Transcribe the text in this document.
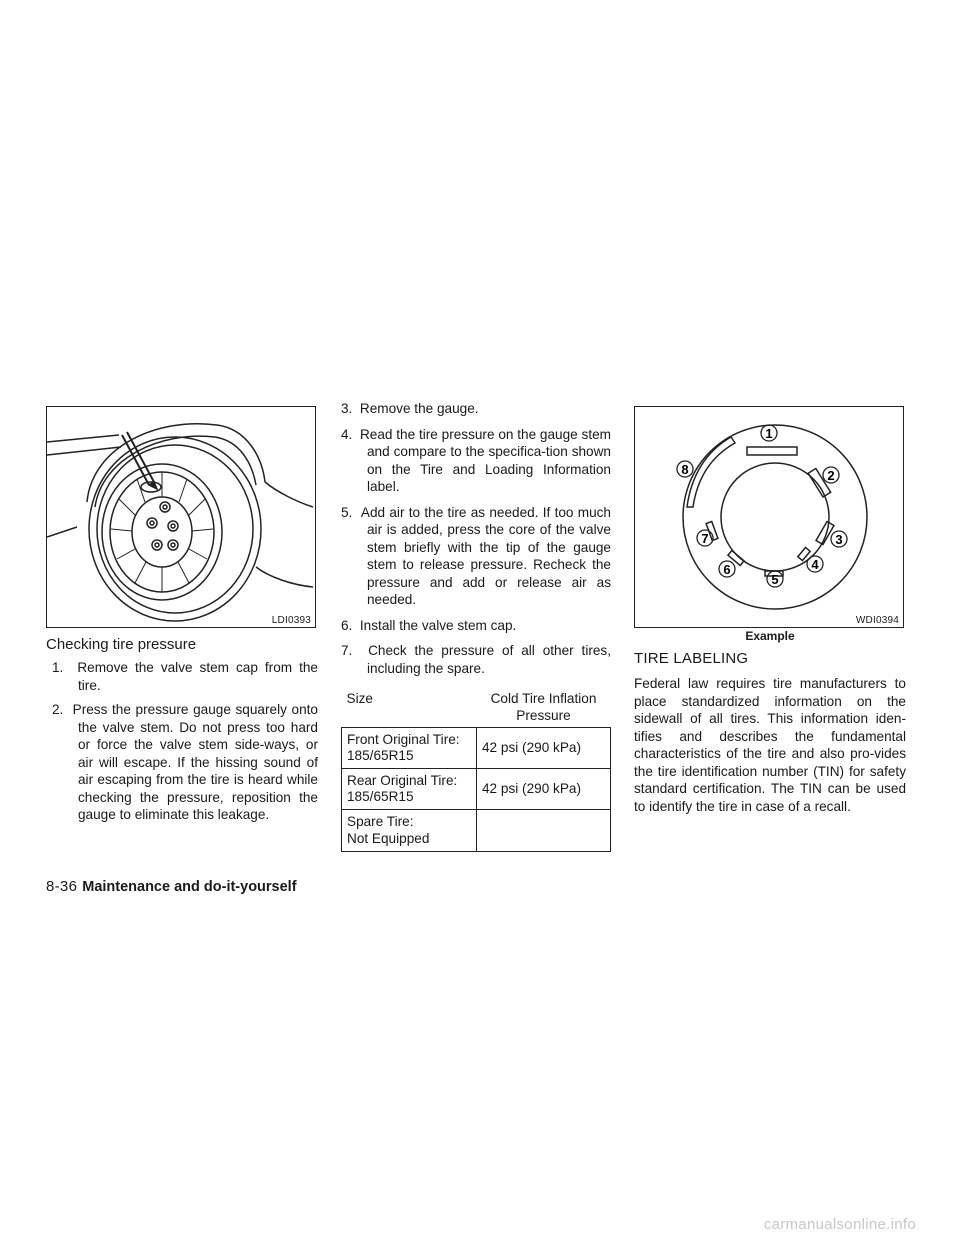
LDI0393
Checking tire pressure
1. Remove the valve stem cap from the tire.
2. Press the pressure gauge squarely onto the valve stem. Do not press too hard or force the valve stem side-ways, or air will escape. If the hissing sound of air escaping from the tire is heard while checking the pressure, reposition the gauge to eliminate this leakage.
3. Remove the gauge.
4. Read the tire pressure on the gauge stem and compare to the specifica-tion shown on the Tire and Loading Information label.
5. Add air to the tire as needed. If too much air is added, press the core of the valve stem briefly with the tip of the gauge stem to release pressure. Recheck the pressure and add or release air as needed.
6. Install the valve stem cap.
7. Check the pressure of all other tires, including the spare.
Size	Cold Tire Inflation Pressure
Front Original Tire:
185/65R15	42 psi (290 kPa)
Rear Original Tire:
185/65R15	42 psi (290 kPa)
Spare Tire:
Not Equipped	
1
2
3
4
5
6
7
8
WDI0394
Example
TIRE LABELING

Federal law requires tire manufacturers to place standardized information on the sidewall of all tires. This information iden-tifies and describes the fundamental characteristics of the tire and also pro-vides the tire identification number (TIN) for safety standard certification. The TIN can be used to identify the tire in case of a recall.

8-36 Maintenance and do-it-yourself
carmanualsonline.info
